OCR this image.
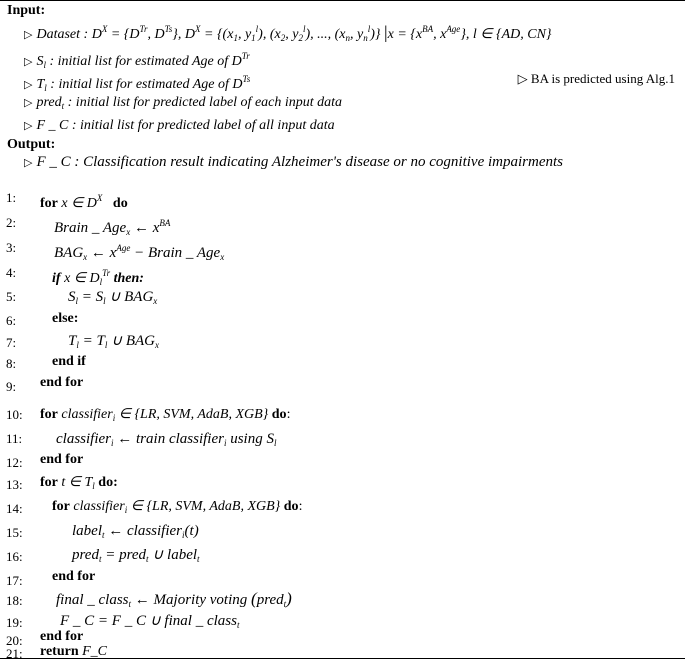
Input:
▷ Dataset : $D^X = \{D^{Tr}$, $D^{Ts}$}, $D^X = \{(x_1$, $y_1^l$), ($x_2$, $y_2^l$), ..., ($x_n$, $y_n^l$)} $|x = \{x^{BA}$, $x^{Age}$}, l ∈ {AD, CN}
▷ $S_l$ : initial list for estimated Age of $D^{Tr}$
▷ $T_l$ : initial list for estimated Age of $D^{Ts}$	▷ BA is predicted using Alg.1
▷ pred$_t$ : initial list for predicted label of each input data
▷ F _ C : initial list for predicted label of all input data
Output:
▷ F _ C : Classification result indicating Alzheimer's disease or no cognitive impairments
1:	for x ∈ $D^X$ do
2:	Brain _ Age$_x$ ← $x^{BA}$
3:	$BAG_x$ ← $x^{Age}$ − Brain _ Age$_x$
4:	if x ∈ $D_l^{Tr}$ then:
5:	$S_l = S_l$ ∪ $BAG_x$
6:	else:
7:	$T_l = T_l$ ∪ $BAG_x$
8:	end if
9:	end for
10: for classifier$_i$ ∈ {LR, SVM, AdaB, XGB} do:
11: classifier$_i$ ← train classifier$_i$ using $S_l$
12: end for
13: for t ∈ $T_l$ do:
14: for classifier$_i$ ∈ {LR, SVM, AdaB, XGB} do:
15:	label$_t$ ← classifier$_i$(t)
16:	pred$_t$ = pred$_t$ ∪ label$_t$
17: end for
18: final _ class$_t$ ← Majority voting (pred$_t$)
19: F _ C = F _ C ∪ final _ class$_t$
20: end for
21: return F_C
